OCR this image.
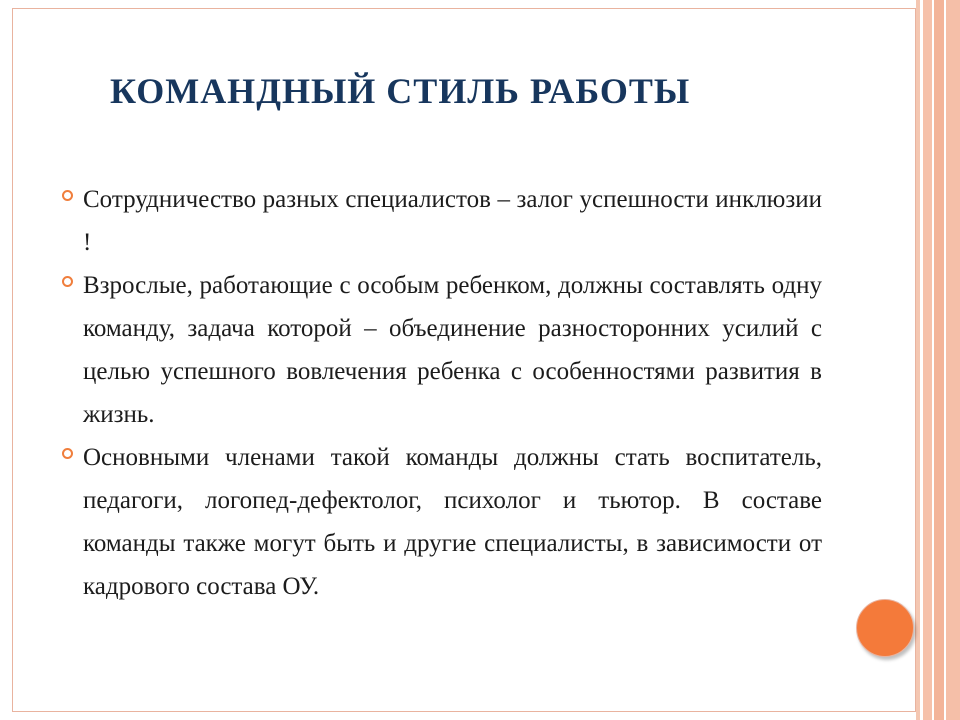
КОМАНДНЫЙ СТИЛЬ РАБОТЫ
Сотрудничество разных специалистов – залог успешности инклюзии !
Взрослые, работающие с особым ребенком, должны составлять одну команду, задача которой – объединение разносторонних усилий с целью успешного вовлечения ребенка с особенностями развития в жизнь.
Основными членами такой команды должны стать воспитатель, педагоги, логопед-дефектолог, психолог и тьютор. В составе команды также могут быть и другие специалисты, в зависимости от кадрового состава ОУ.
